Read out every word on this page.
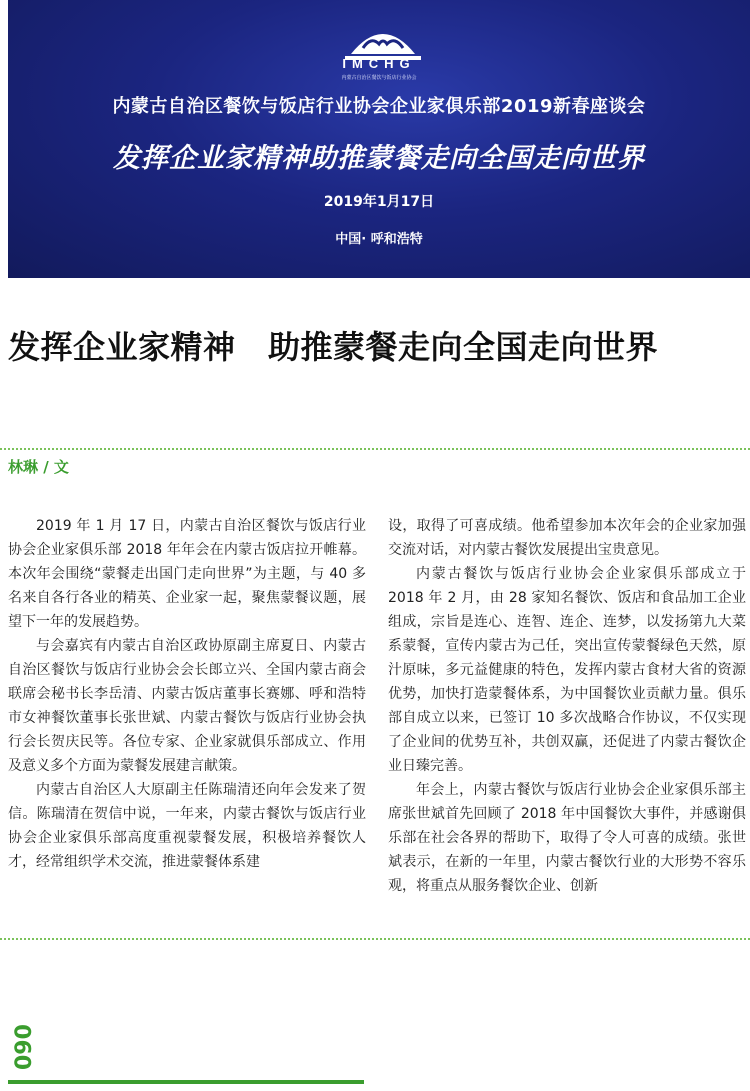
IMCHG
内蒙古自治区餐饮与饭店行业协会
内蒙古自治区餐饮与饭店行业协会企业家俱乐部2019新春座谈会
发挥企业家精神助推蒙餐走向全国走向世界
2019年1月17日
中国· 呼和浩特
发挥企业家精神　助推蒙餐走向全国走向世界
林琳 / 文

2019 年 1 月 17 日，内蒙古自治区餐饮与饭店行业协会企业家俱乐部 2018 年年会在内蒙古饭店拉开帷幕。本次年会围绕“蒙餐走出国门走向世界”为主题，与 40 多名来自各行各业的精英、企业家一起，聚焦蒙餐议题，展望下一年的发展趋势。

与会嘉宾有内蒙古自治区政协原副主席夏日、内蒙古自治区餐饮与饭店行业协会会长郎立兴、全国内蒙古商会联席会秘书长李岳清、内蒙古饭店董事长赛娜、呼和浩特市女神餐饮董事长张世斌、内蒙古餐饮与饭店行业协会执行会长贺庆民等。各位专家、企业家就俱乐部成立、作用及意义多个方面为蒙餐发展建言献策。

内蒙古自治区人大原副主任陈瑞清还向年会发来了贺信。陈瑞清在贺信中说，一年来，内蒙古餐饮与饭店行业协会企业家俱乐部高度重视蒙餐发展，积极培养餐饮人才，经常组织学术交流，推进蒙餐体系建

设，取得了可喜成绩。他希望参加本次年会的企业家加强交流对话，对内蒙古餐饮发展提出宝贵意见。

内蒙古餐饮与饭店行业协会企业家俱乐部成立于 2018 年 2 月，由 28 家知名餐饮、饭店和食品加工企业组成，宗旨是连心、连智、连企、连梦，以发扬第九大菜系蒙餐，宣传内蒙古为己任，突出宣传蒙餐绿色天然，原汁原味，多元益健康的特色，发挥内蒙古食材大省的资源优势，加快打造蒙餐体系，为中国餐饮业贡献力量。俱乐部自成立以来，已签订 10 多次战略合作协议，不仅实现了企业间的优势互补，共创双赢，还促进了内蒙古餐饮企业日臻完善。

年会上，内蒙古餐饮与饭店行业协会企业家俱乐部主席张世斌首先回顾了 2018 年中国餐饮大事件，并感谢俱乐部在社会各界的帮助下，取得了令人可喜的成绩。张世斌表示，在新的一年里，内蒙古餐饮行业的大形势不容乐观，将重点从服务餐饮企业、创新

090
